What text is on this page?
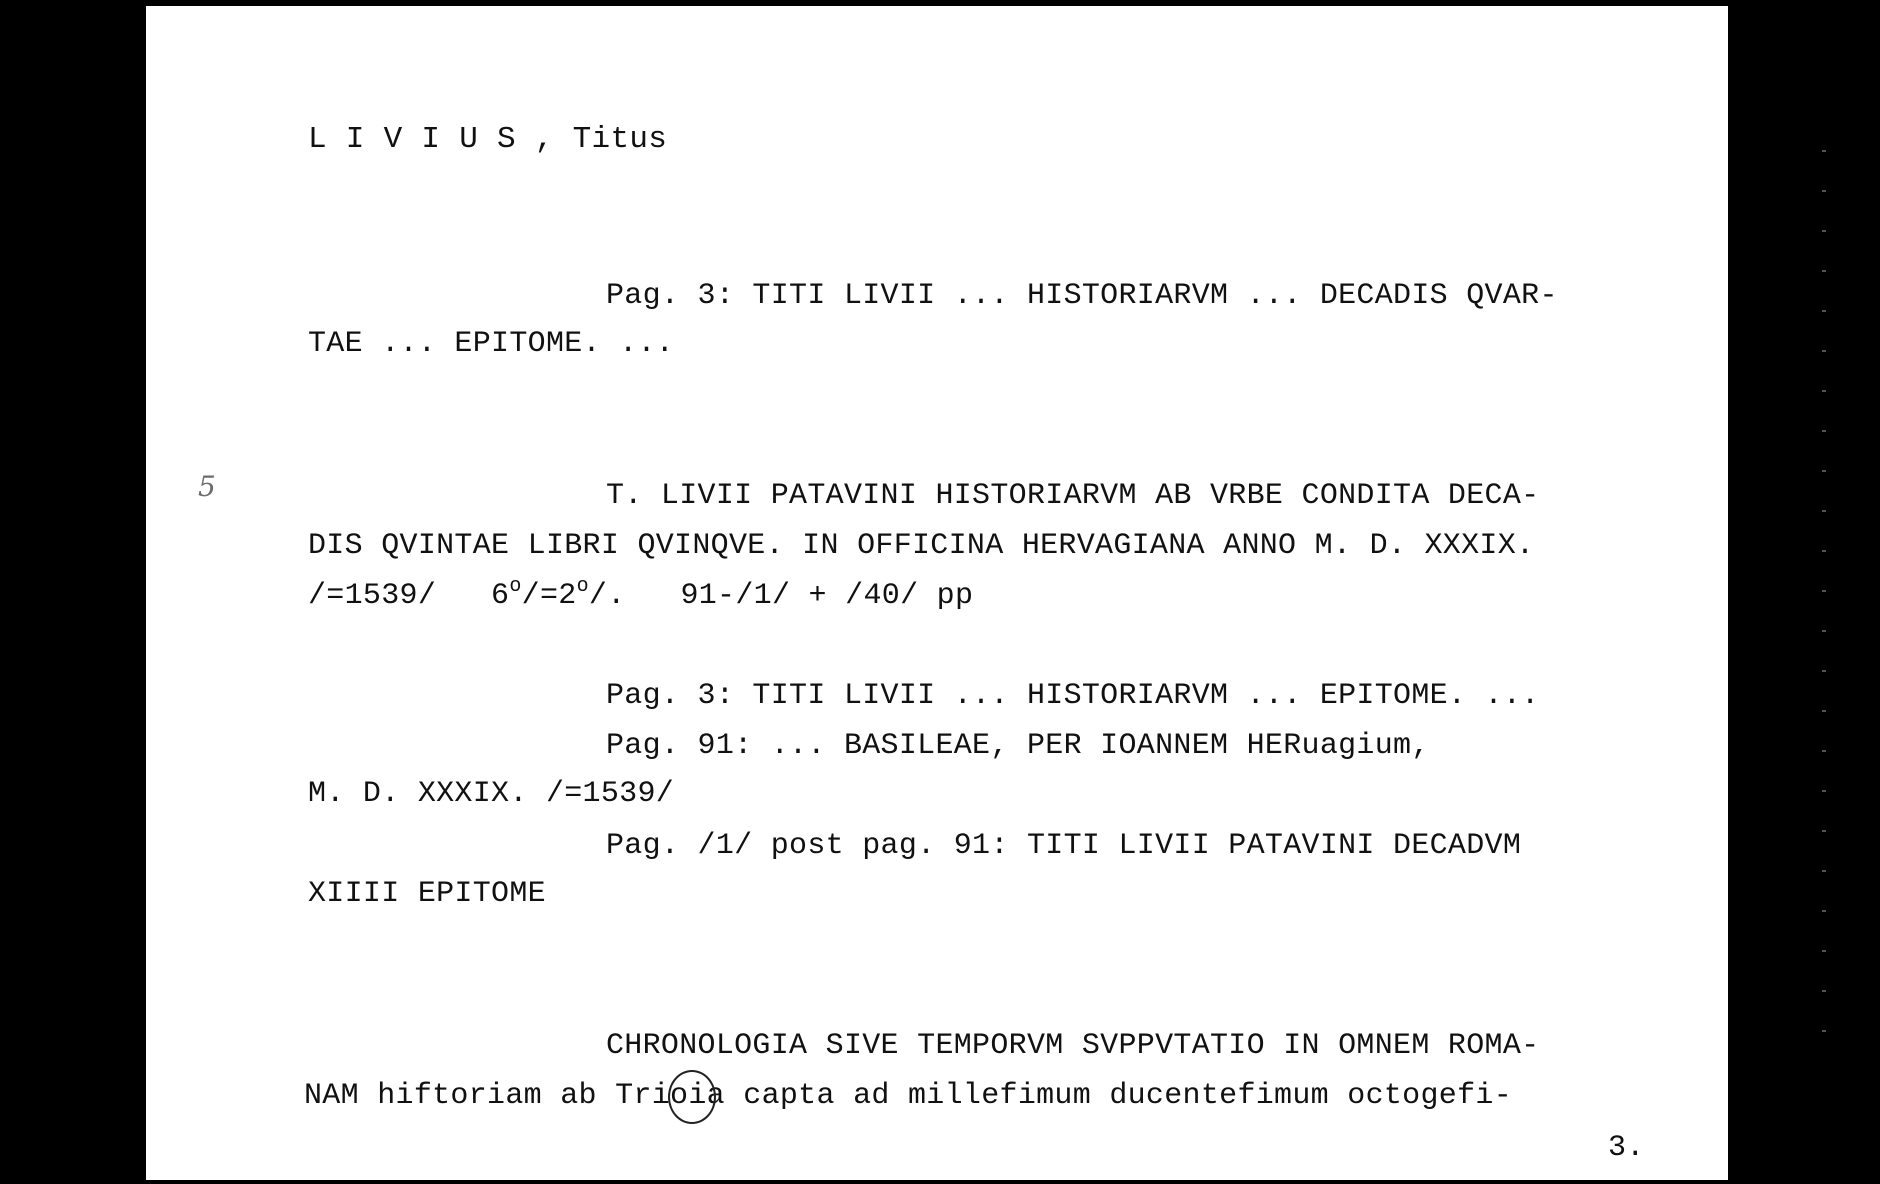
L I V I U S , Titus
Pag. 3: TITI LIVII ... HISTORIARVM ... DECADIS QVAR-
TAE ... EPITOME. ...
5	T. LIVII PATAVINI HISTORIARVM AB VRBE CONDITA DECA-
DIS QVINTAE LIBRI QVINQVE. IN OFFICINA HERVAGIANA ANNO M. D. XXXIX.
/=1539/ $6^o/=2^o/$. 91-/1/ + /40/ pp
Pag. 3: TITI LIVII ... HISTORIARVM ... EPITOME. ...
Pag. 91: ... BASILEAE, PER IOANNEM HERuagium,
M. D. XXXIX. /=1539/
Pag. /1/ post pag. 91: TITI LIVII PATAVINI DECADVM
XIIII EPITOME
CHRONOLOGIA SIVE TEMPORVM SVPPVTATIO IN OMNEM ROMA-
NAM hiftoriam ab Trioia capta ad millefimum ducentefimum octogefi-
3.
